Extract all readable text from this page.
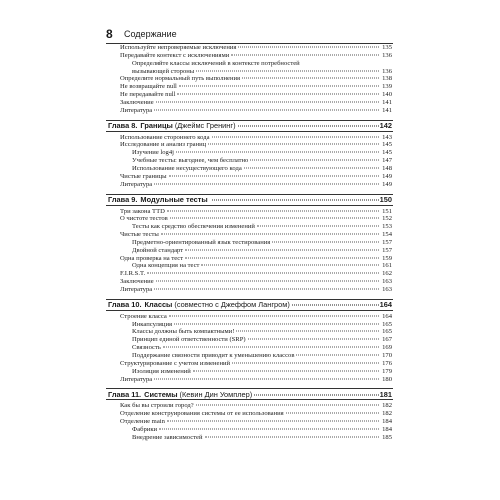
8 Содержание
Используйте непроверяемые исключения	135
Передавайте контекст с исключениями	136
Определяйте классы исключений в контексте потребностей
вызывающей стороны	136
Определите нормальный путь выполнения	138
Не возвращайте null	139
Не передавайте null	140
Заключение	141
Литература	141
Глава 8. Границы (Джеймс Гренинг)	142
Использование стороннего кода	143
Исследование и анализ границ	145
Изучение log4j	145
Учебные тесты: выгоднее, чем бесплатно	147
Использование несуществующего кода	148
Чистые границы	149
Литература	149
Глава 9. Модульные тесты	150
Три закона TTD	151
О чистоте тестов	152
Тесты как средство обеспечения изменений	153
Чистые тесты	154
Предметно-ориентированный язык тестирования	157
Двойной стандарт	157
Одна проверка на тест	159
Одна концепция на тест	161
F.I.R.S.T.	162
Заключение	163
Литература	163
Глава 10. Классы (совместно с Джеффом Лангром)	164
Строение класса	164
Инкапсуляция	165
Классы должны быть компактными!	165
Принцип единой ответственности (SRP)	167
Связность	169
Поддержание связности приводит к уменьшению классов	170
Структурирование с учетом изменений	176
Изоляция изменений	179
Литература	180
Глава 11. Системы (Кевин Дин Уомплер)	181
Как бы вы строили город?	182
Отделение конструирования системы от ее использования	182
Отделение main	184
Фабрики	184
Внедрение зависимостей	185
